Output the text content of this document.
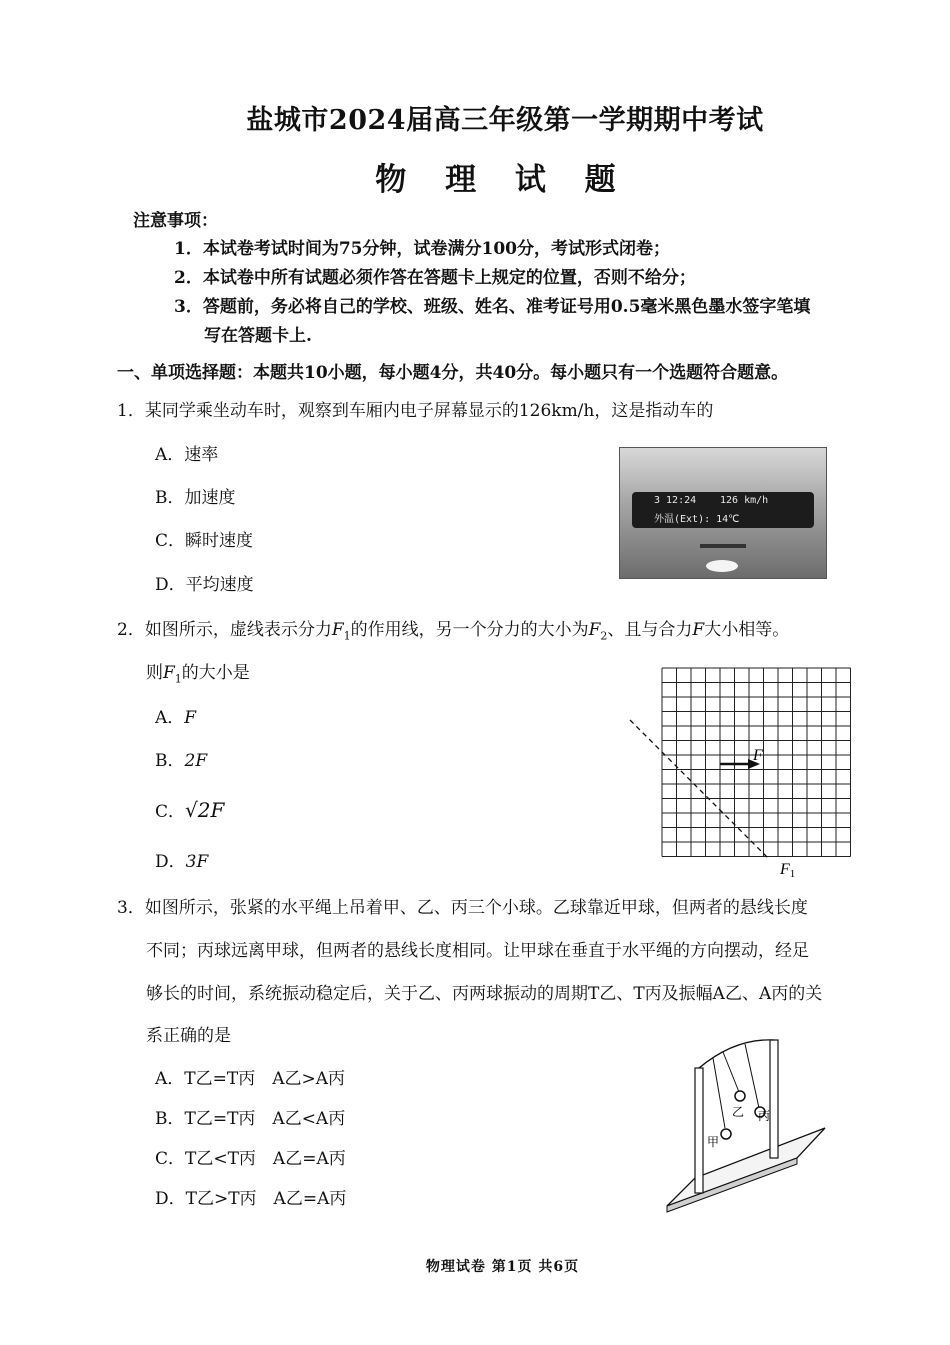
盐城市2024届高三年级第一学期期中考试
物 理 试 题
注意事项：
1．本试卷考试时间为75分钟，试卷满分100分，考试形式闭卷；
2．本试卷中所有试题必须作答在答题卡上规定的位置，否则不给分；
3．答题前，务必将自己的学校、班级、姓名、准考证号用0.5毫米黑色墨水签字笔填
写在答题卡上.
一、单项选择题：本题共10小题，每小题4分，共40分。每小题只有一个选题符合题意。
1．某同学乘坐动车时，观察到车厢内电子屏幕显示的126km/h，这是指动车的
A．速率
B．加速度
C．瞬时速度
D．平均速度
3 12:24 126 km/h
外温(Ext): 14℃
2．如图所示，虚线表示分力$F_1$的作用线，另一个分力的大小为$F_2$、且与合力F大小相等。
则$F_1$的大小是
A．F
B．2F
C．√2F
D．3F
F
F1
3．如图所示，张紧的水平绳上吊着甲、乙、丙三个小球。乙球靠近甲球，但两者的悬线长度
不同；丙球远离甲球，但两者的悬线长度相同。让甲球在垂直于水平绳的方向摆动，经足
够长的时间，系统振动稳定后，关于乙、丙两球振动的周期T乙、T丙及振幅A乙、A丙的关
系正确的是
A．T乙=T丙　A乙>A丙
B．T乙=T丙　A乙<A丙
C．T乙<T丙　A乙=A丙
D．T乙>T丙　A乙=A丙
甲
乙 丙
物理试卷 第1页 共6页
